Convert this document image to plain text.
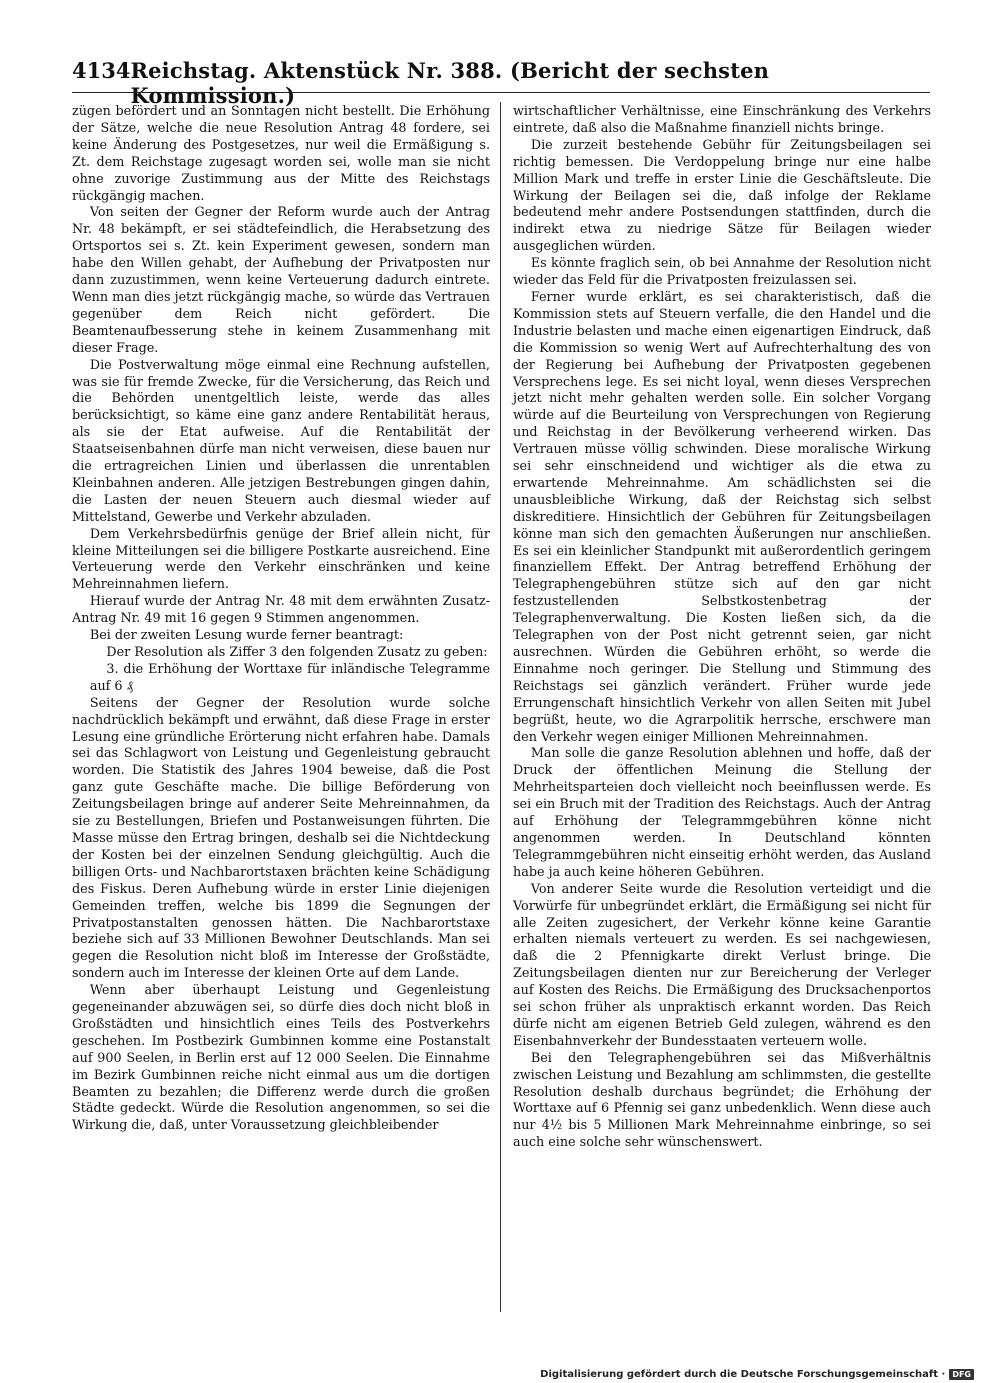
4134 Reichstag. Aktenstück Nr. 388. (Bericht der sechsten Kommission.)

zügen befördert und an Sonntagen nicht bestellt. Die Erhöhung der Sätze, welche die neue Resolution Antrag 48 fordere, sei keine Änderung des Postgesetzes, nur weil die Ermäßigung s. Zt. dem Reichstage zugesagt worden sei, wolle man sie nicht ohne zuvorige Zustimmung aus der Mitte des Reichstags rückgängig machen.

Von seiten der Gegner der Reform wurde auch der Antrag Nr. 48 bekämpft, er sei städtefeindlich, die Herabsetzung des Ortsportos sei s. Zt. kein Experiment gewesen, sondern man habe den Willen gehabt, der Aufhebung der Privatposten nur dann zuzustimmen, wenn keine Verteuerung dadurch eintrete. Wenn man dies jetzt rückgängig mache, so würde das Vertrauen gegenüber dem Reich nicht gefördert. Die Beamtenaufbesserung stehe in keinem Zusammenhang mit dieser Frage.

Die Postverwaltung möge einmal eine Rechnung aufstellen, was sie für fremde Zwecke, für die Versicherung, das Reich und die Behörden unentgeltlich leiste, werde das alles berücksichtigt, so käme eine ganz andere Rentabilität heraus, als sie der Etat aufweise. Auf die Rentabilität der Staatseisenbahnen dürfe man nicht verweisen, diese bauen nur die ertragreichen Linien und überlassen die unrentablen Kleinbahnen anderen. Alle jetzigen Bestrebungen gingen dahin, die Lasten der neuen Steuern auch diesmal wieder auf Mittelstand, Gewerbe und Verkehr abzuladen.

Dem Verkehrsbedürfnis genüge der Brief allein nicht, für kleine Mitteilungen sei die billigere Postkarte ausreichend. Eine Verteuerung werde den Verkehr einschränken und keine Mehreinnahmen liefern.

Hierauf wurde der Antrag Nr. 48 mit dem erwähnten Zusatz-Antrag Nr. 49 mit 16 gegen 9 Stimmen angenommen.

Bei der zweiten Lesung wurde ferner beantragt:

Der Resolution als Ziffer 3 den folgenden Zusatz zu geben:

3. die Erhöhung der Worttaxe für inländische Telegramme auf 6 ₰

Seitens der Gegner der Resolution wurde solche nachdrücklich bekämpft und erwähnt, daß diese Frage in erster Lesung eine gründliche Erörterung nicht erfahren habe. Damals sei das Schlagwort von Leistung und Gegenleistung gebraucht worden. Die Statistik des Jahres 1904 beweise, daß die Post ganz gute Geschäfte mache. Die billige Beförderung von Zeitungsbeilagen bringe auf anderer Seite Mehreinnahmen, da sie zu Bestellungen, Briefen und Postanweisungen führten. Die Masse müsse den Ertrag bringen, deshalb sei die Nichtdeckung der Kosten bei der einzelnen Sendung gleichgültig. Auch die billigen Orts- und Nachbarortstaxen brächten keine Schädigung des Fiskus. Deren Aufhebung würde in erster Linie diejenigen Gemeinden treffen, welche bis 1899 die Segnungen der Privatpostanstalten genossen hätten. Die Nachbarortstaxe beziehe sich auf 33 Millionen Bewohner Deutschlands. Man sei gegen die Resolution nicht bloß im Interesse der Großstädte, sondern auch im Interesse der kleinen Orte auf dem Lande.

Wenn aber überhaupt Leistung und Gegenleistung gegeneinander abzuwägen sei, so dürfe dies doch nicht bloß in Großstädten und hinsichtlich eines Teils des Postverkehrs geschehen. Im Postbezirk Gumbinnen komme eine Postanstalt auf 900 Seelen, in Berlin erst auf 12 000 Seelen. Die Einnahme im Bezirk Gumbinnen reiche nicht einmal aus um die dortigen Beamten zu bezahlen; die Differenz werde durch die großen Städte gedeckt. Würde die Resolution angenommen, so sei die Wirkung die, daß, unter Voraussetzung gleichbleibender

wirtschaftlicher Verhältnisse, eine Einschränkung des Verkehrs eintrete, daß also die Maßnahme finanziell nichts bringe.

Die zurzeit bestehende Gebühr für Zeitungsbeilagen sei richtig bemessen. Die Verdoppelung bringe nur eine halbe Million Mark und treffe in erster Linie die Geschäftsleute. Die Wirkung der Beilagen sei die, daß infolge der Reklame bedeutend mehr andere Postsendungen stattfinden, durch die indirekt etwa zu niedrige Sätze für Beilagen wieder ausgeglichen würden.

Es könnte fraglich sein, ob bei Annahme der Resolution nicht wieder das Feld für die Privatposten freizulassen sei.

Ferner wurde erklärt, es sei charakteristisch, daß die Kommission stets auf Steuern verfalle, die den Handel und die Industrie belasten und mache einen eigenartigen Eindruck, daß die Kommission so wenig Wert auf Aufrechterhaltung des von der Regierung bei Aufhebung der Privatposten gegebenen Versprechens lege. Es sei nicht loyal, wenn dieses Versprechen jetzt nicht mehr gehalten werden solle. Ein solcher Vorgang würde auf die Beurteilung von Versprechungen von Regierung und Reichstag in der Bevölkerung verheerend wirken. Das Vertrauen müsse völlig schwinden. Diese moralische Wirkung sei sehr einschneidend und wichtiger als die etwa zu erwartende Mehreinnahme. Am schädlichsten sei die unausbleibliche Wirkung, daß der Reichstag sich selbst diskreditiere. Hinsichtlich der Gebühren für Zeitungsbeilagen könne man sich den gemachten Äußerungen nur anschließen. Es sei ein kleinlicher Standpunkt mit außerordentlich geringem finanziellem Effekt. Der Antrag betreffend Erhöhung der Telegraphengebühren stütze sich auf den gar nicht festzustellenden Selbstkostenbetrag der Telegraphenverwaltung. Die Kosten ließen sich, da die Telegraphen von der Post nicht getrennt seien, gar nicht ausrechnen. Würden die Gebühren erhöht, so werde die Einnahme noch geringer. Die Stellung und Stimmung des Reichstags sei gänzlich verändert. Früher wurde jede Errungenschaft hinsichtlich Verkehr von allen Seiten mit Jubel begrüßt, heute, wo die Agrarpolitik herrsche, erschwere man den Verkehr wegen einiger Millionen Mehreinnahmen.

Man solle die ganze Resolution ablehnen und hoffe, daß der Druck der öffentlichen Meinung die Stellung der Mehrheitsparteien doch vielleicht noch beeinflussen werde. Es sei ein Bruch mit der Tradition des Reichstags. Auch der Antrag auf Erhöhung der Telegrammgebühren könne nicht angenommen werden. In Deutschland könnten Telegrammgebühren nicht einseitig erhöht werden, das Ausland habe ja auch keine höheren Gebühren.

Von anderer Seite wurde die Resolution verteidigt und die Vorwürfe für unbegründet erklärt, die Ermäßigung sei nicht für alle Zeiten zugesichert, der Verkehr könne keine Garantie erhalten niemals verteuert zu werden. Es sei nachgewiesen, daß die 2 Pfennigkarte direkt Verlust bringe. Die Zeitungsbeilagen dienten nur zur Bereicherung der Verleger auf Kosten des Reichs. Die Ermäßigung des Drucksachenportos sei schon früher als unpraktisch erkannt worden. Das Reich dürfe nicht am eigenen Betrieb Geld zulegen, während es den Eisenbahnverkehr der Bundesstaaten verteuern wolle.

Bei den Telegraphengebühren sei das Mißverhältnis zwischen Leistung und Bezahlung am schlimmsten, die gestellte Resolution deshalb durchaus begründet; die Erhöhung der Worttaxe auf 6 Pfennig sei ganz unbedenklich. Wenn diese auch nur 4½ bis 5 Millionen Mark Mehreinnahme einbringe, so sei auch eine solche sehr wünschenswert.

Digitalisierung gefördert durch die Deutsche Forschungsgemeinschaft · DFG
